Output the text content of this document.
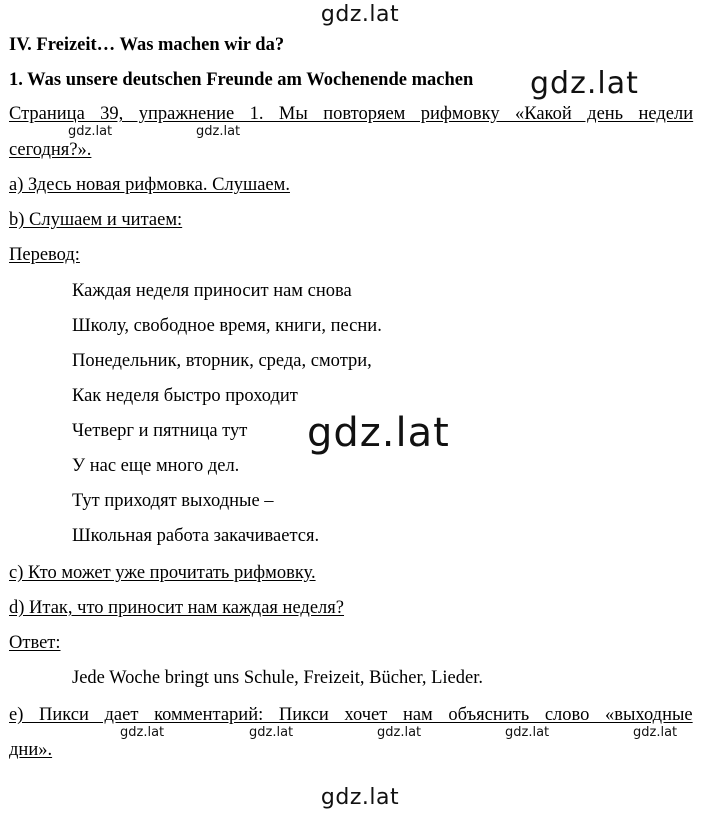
gdz.lat
gdz.lat
gdz.lat
gdz.lat
gdz.lat	gdz.lat
gdz.lat	gdz.lat	gdz.lat	gdz.lat	gdz.lat
IV. Freizeit… Was machen wir da?
1. Was unsere deutschen Freunde am Wochenende machen
Страница 39, упражнение 1. Мы повторяем рифмовку «Какой день недели
сегодня?».
a) Здесь новая рифмовка. Слушаем.
b) Слушаем и читаем:
Перевод:
Каждая неделя приносит нам снова
Школу, свободное время, книги, песни.
Понедельник, вторник, среда, смотри,
Как неделя быстро проходит
Четверг и пятница тут
У нас еще много дел.
Тут приходят выходные –
Школьная работа закачивается.
c) Кто может уже прочитать рифмовку.
d) Итак, что приносит нам каждая неделя?
Ответ:
Jede Woche bringt uns Schule, Freizeit, Bücher, Lieder.
e) Пикси дает комментарий: Пикси хочет нам объяснить слово «выходные
дни».
